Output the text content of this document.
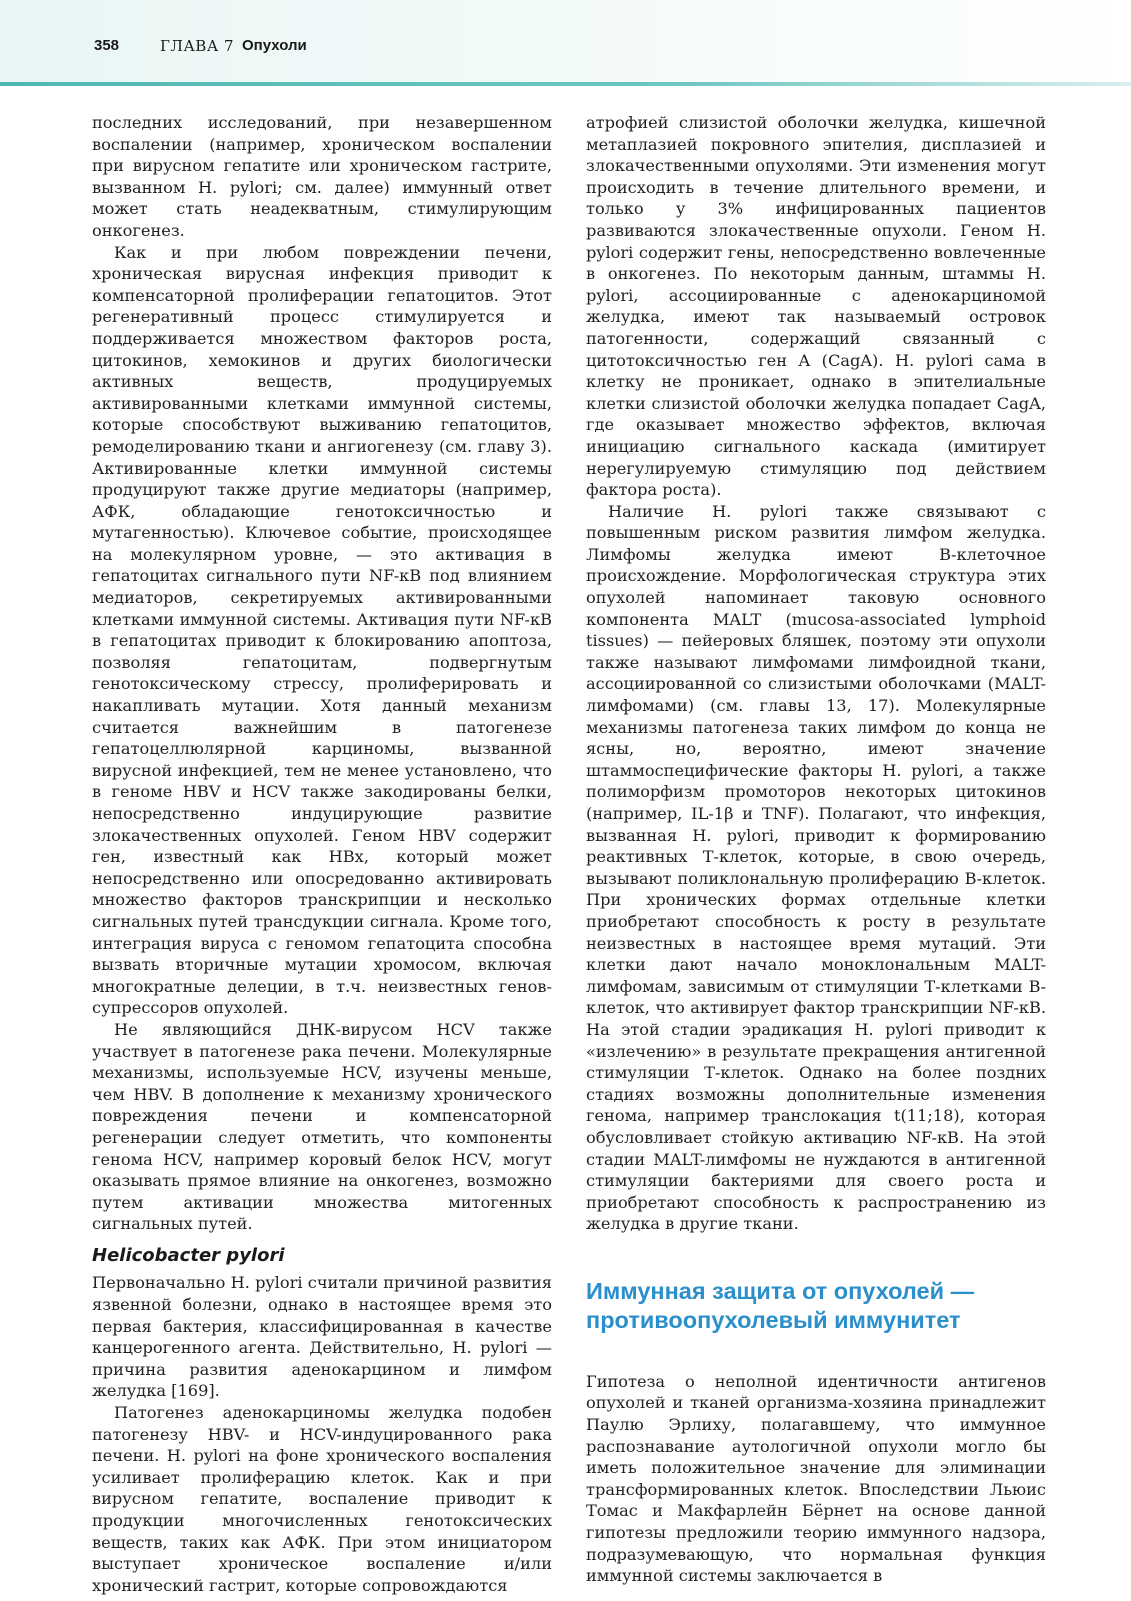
358	ГЛАВА 7 Опухоли

последних исследований, при незавершенном воспалении (например, хроническом воспалении при вирусном гепатите или хроническом гастрите, вызванном H. pylori; см. далее) иммунный ответ может стать неадекватным, стимулирующим онкогенез.

Как и при любом повреждении печени, хроническая вирусная инфекция приводит к компенсаторной пролиферации гепатоцитов. Этот регенеративный процесс стимулируется и поддерживается множеством факторов роста, цитокинов, хемокинов и других биологически активных веществ, продуцируемых активированными клетками иммунной системы, которые способствуют выживанию гепатоцитов, ремоделированию ткани и ангиогенезу (см. главу 3). Активированные клетки иммунной системы продуцируют также другие медиаторы (например, АФК, обладающие генотоксичностью и мутагенностью). Ключевое событие, происходящее на молекулярном уровне, — это активация в гепатоцитах сигнального пути NF-κB под влиянием медиаторов, секретируемых активированными клетками иммунной системы. Активация пути NF-κB в гепатоцитах приводит к блокированию апоптоза, позволяя гепатоцитам, подвергнутым генотоксическому стрессу, пролиферировать и накапливать мутации. Хотя данный механизм считается важнейшим в патогенезе гепатоцеллюлярной карциномы, вызванной вирусной инфекцией, тем не менее установлено, что в геноме HBV и HCV также закодированы белки, непосредственно индуцирующие развитие злокачественных опухолей. Геном HBV содержит ген, известный как HBx, который может непосредственно или опосредованно активировать множество факторов транскрипции и несколько сигнальных путей трансдукции сигнала. Кроме того, интеграция вируса с геномом гепатоцита способна вызвать вторичные мутации хромосом, включая многократные делеции, в т.ч. неизвестных генов-супрессоров опухолей.

Не являющийся ДНК-вирусом HCV также участвует в патогенезе рака печени. Молекулярные механизмы, используемые HCV, изучены меньше, чем HBV. В дополнение к механизму хронического повреждения печени и компенсаторной регенерации следует отметить, что компоненты генома HCV, например коровый белок HCV, могут оказывать прямое влияние на онкогенез, возможно путем активации множества митогенных сигнальных путей.

Helicobacter pylori

Первоначально H. pylori считали причиной развития язвенной болезни, однако в настоящее время это первая бактерия, классифицированная в качестве канцерогенного агента. Действительно, H. pylori — причина развития аденокарцином и лимфом желудка [169].

Патогенез аденокарциномы желудка подобен патогенезу HBV- и HCV-индуцированного рака печени. H. pylori на фоне хронического воспаления усиливает пролиферацию клеток. Как и при вирусном гепатите, воспаление приводит к продукции многочисленных генотоксических веществ, таких как АФК. При этом инициатором выступает хроническое воспаление и/или хронический гастрит, которые сопровождаются

атрофией слизистой оболочки желудка, кишечной метаплазией покровного эпителия, дисплазией и злокачественными опухолями. Эти изменения могут происходить в течение длительного времени, и только у 3% инфицированных пациентов развиваются злокачественные опухоли. Геном H. pylori содержит гены, непосредственно вовлеченные в онкогенез. По некоторым данным, штаммы H. pylori, ассоциированные с аденокарциномой желудка, имеют так называемый островок патогенности, содержащий связанный с цитотоксичностью ген A (CagA). H. pylori сама в клетку не проникает, однако в эпителиальные клетки слизистой оболочки желудка попадает CagA, где оказывает множество эффектов, включая инициацию сигнального каскада (имитирует нерегулируемую стимуляцию под действием фактора роста).

Наличие H. pylori также связывают с повышенным риском развития лимфом желудка. Лимфомы желудка имеют В-клеточное происхождение. Морфологическая структура этих опухолей напоминает таковую основного компонента MALT (mucosa-associated lymphoid tissues) — пейеровых бляшек, поэтому эти опухоли также называют лимфомами лимфоидной ткани, ассоциированной со слизистыми оболочками (MALT-лимфомами) (см. главы 13, 17). Молекулярные механизмы патогенеза таких лимфом до конца не ясны, но, вероятно, имеют значение штаммоспецифические факторы H. pylori, а также полиморфизм промоторов некоторых цитокинов (например, IL-1β и TNF). Полагают, что инфекция, вызванная H. pylori, приводит к формированию реактивных Т-клеток, которые, в свою очередь, вызывают поликлональную пролиферацию В-клеток. При хронических формах отдельные клетки приобретают способность к росту в результате неизвестных в настоящее время мутаций. Эти клетки дают начало моноклональным MALT-лимфомам, зависимым от стимуляции Т-клетками В-клеток, что активирует фактор транскрипции NF-κB. На этой стадии эрадикация H. pylori приводит к «излечению» в результате прекращения антигенной стимуляции Т-клеток. Однако на более поздних стадиях возможны дополнительные изменения генома, например транслокация t(11;18), которая обусловливает стойкую активацию NF-κB. На этой стадии MALT-лимфомы не нуждаются в антигенной стимуляции бактериями для своего роста и приобретают способность к распространению из желудка в другие ткани.

Иммунная защита от опухолей — противоопухолевый иммунитет

Гипотеза о неполной идентичности антигенов опухолей и тканей организма-хозяина принадлежит Паулю Эрлиху, полагавшему, что иммунное распознавание аутологичной опухоли могло бы иметь положительное значение для элиминации трансформированных клеток. Впоследствии Льюис Томас и Макфарлейн Бёрнет на основе данной гипотезы предложили теорию иммунного надзора, подразумевающую, что нормальная функция иммунной системы заключается в
